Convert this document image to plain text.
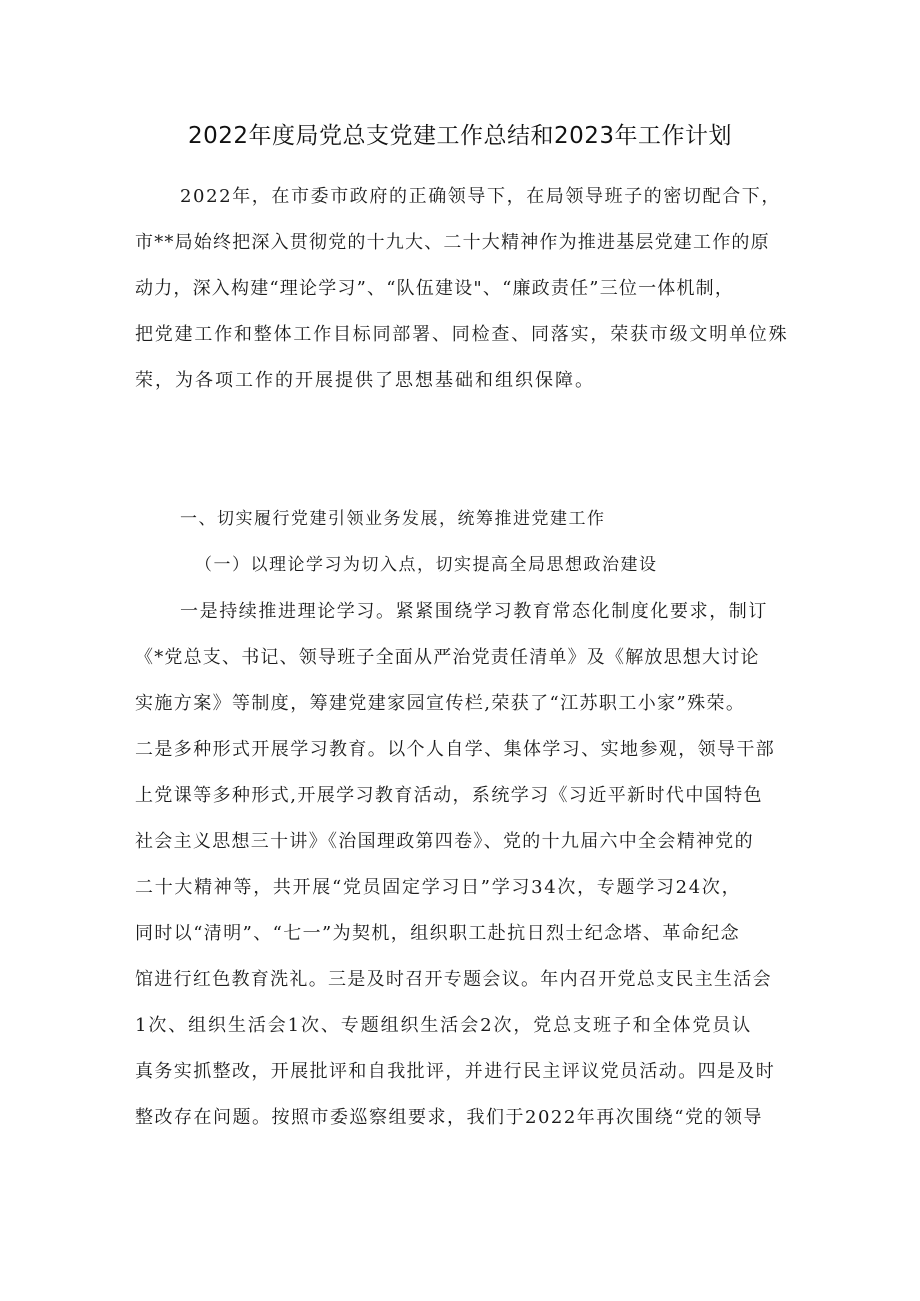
2022年度局党总支党建工作总结和2023年工作计划

2022年，在市委市政府的正确领导下，在局领导班子的密切配合下，

市**局始终把深入贯彻党的十九大、二十大精神作为推进基层党建工作的原

动力，深入构建“理论学习”、“队伍建设"、“廉政责任”三位一体机制，

把党建工作和整体工作目标同部署、同检查、同落实，荣获市级文明单位殊

荣，为各项工作的开展提供了思想基础和组织保障。

一、切实履行党建引领业务发展，统筹推进党建工作

（一）以理论学习为切入点，切实提高全局思想政治建设

一是持续推进理论学习。紧紧围绕学习教育常态化制度化要求，制订

《*党总支、书记、领导班子全面从严治党责任清单》及《解放思想大讨论

实施方案》等制度，筹建党建家园宣传栏,荣获了“江苏职工小家”殊荣。

二是多种形式开展学习教育。以个人自学、集体学习、实地参观，领导干部

上党课等多种形式,开展学习教育活动，系统学习《习近平新时代中国特色

社会主义思想三十讲》《治国理政第四卷》、党的十九届六中全会精神党的

二十大精神等，共开展“党员固定学习日”学习34次，专题学习24次，

同时以“清明”、“七一”为契机，组织职工赴抗日烈士纪念塔、革命纪念

馆进行红色教育洗礼。三是及时召开专题会议。年内召开党总支民主生活会

1次、组织生活会1次、专题组织生活会2次，党总支班子和全体党员认

真务实抓整改，开展批评和自我批评，并进行民主评议党员活动。四是及时

整改存在问题。按照市委巡察组要求，我们于2022年再次围绕“党的领导
